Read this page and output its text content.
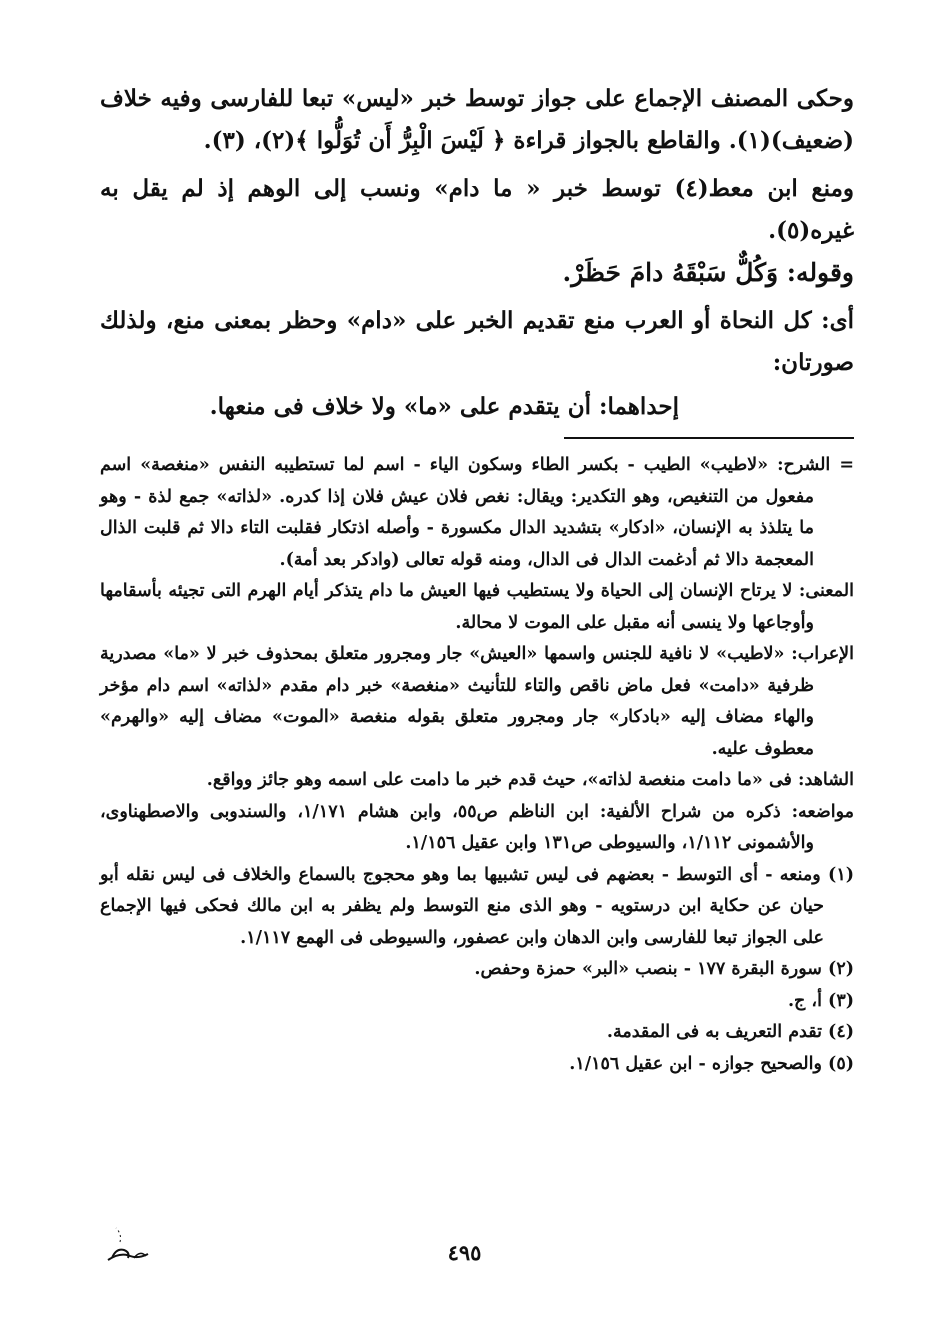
وحكى المصنف الإجماع على جواز توسط خبر «ليس» تبعا للفارسى وفيه خلاف (ضعيف)(١). والقاطع بالجواز قراءة ﴿ لَيْسَ الْبِرُّ أَن تُوَلُّوا ﴾(٢)، (٣).

ومنع ابن معط(٤) توسط خبر « ما دام» ونسب إلى الوهم إذ لم يقل به غيره(٥).

وقوله: وَكُلٌّ سَبْقَهُ دامَ حَظَرْ.

أى: كل النحاة أو العرب منع تقديم الخبر على «دام» وحظر بمعنى منع، ولذلك صورتان:

إحداهما: أن يتقدم على «ما» ولا خلاف فى منعها.

= الشرح: «لاطيب» الطيب - بكسر الطاء وسكون الياء - اسم لما تستطيبه النفس «منغصة» اسم مفعول من التنغيص، وهو التكدير: ويقال: نغص فلان عيش فلان إذا كدره. «لذاته» جمع لذة - وهو ما يتلذذ به الإنسان، «ادكار» بتشديد الدال مكسورة - وأصله اذتكار فقلبت التاء دالا ثم قلبت الذال المعجمة دالا ثم أدغمت الدال فى الدال، ومنه قوله تعالى (وادكر بعد أمة).

المعنى: لا يرتاح الإنسان إلى الحياة ولا يستطيب فيها العيش ما دام يتذكر أيام الهرم التى تجيئه بأسقامها وأوجاعها ولا ينسى أنه مقبل على الموت لا محالة.

الإعراب: «لاطيب» لا نافية للجنس واسمها «العيش» جار ومجرور متعلق بمحذوف خبر لا «ما» مصدرية ظرفية «دامت» فعل ماض ناقص والتاء للتأنيث «منغصة» خبر دام مقدم «لذاته» اسم دام مؤخر والهاء مضاف إليه «بادكار» جار ومجرور متعلق بقوله منغصة «الموت» مضاف إليه «والهرم» معطوف عليه.

الشاهد: فى «ما دامت منغصة لذاته»، حيث قدم خبر ما دامت على اسمه وهو جائز وواقع.

مواضعه: ذكره من شراح الألفية: ابن الناظم ص٥٥، وابن هشام ١/١٧١، والسندوبى والاصطهناوى، والأشمونى ١/١١٢، والسيوطى ص١٣١ وابن عقيل ١/١٥٦.

(١) ومنعه - أى التوسط - بعضهم فى ليس تشبيها بما وهو محجوج بالسماع والخلاف فى ليس نقله أبو حيان عن حكاية ابن درستويه - وهو الذى منع التوسط ولم يظفر به ابن مالك فحكى فيها الإجماع على الجواز تبعا للفارسى وابن الدهان وابن عصفور، والسيوطى فى الهمع ١/١١٧.

(٢) سورة البقرة ١٧٧ - بنصب «البر» حمزة وحفص.

(٣) أ، ج.

(٤) تقدم التعريف به فى المقدمة.

(٥) والصحيح جوازه - ابن عقيل ١/١٥٦.

٤٩٥
